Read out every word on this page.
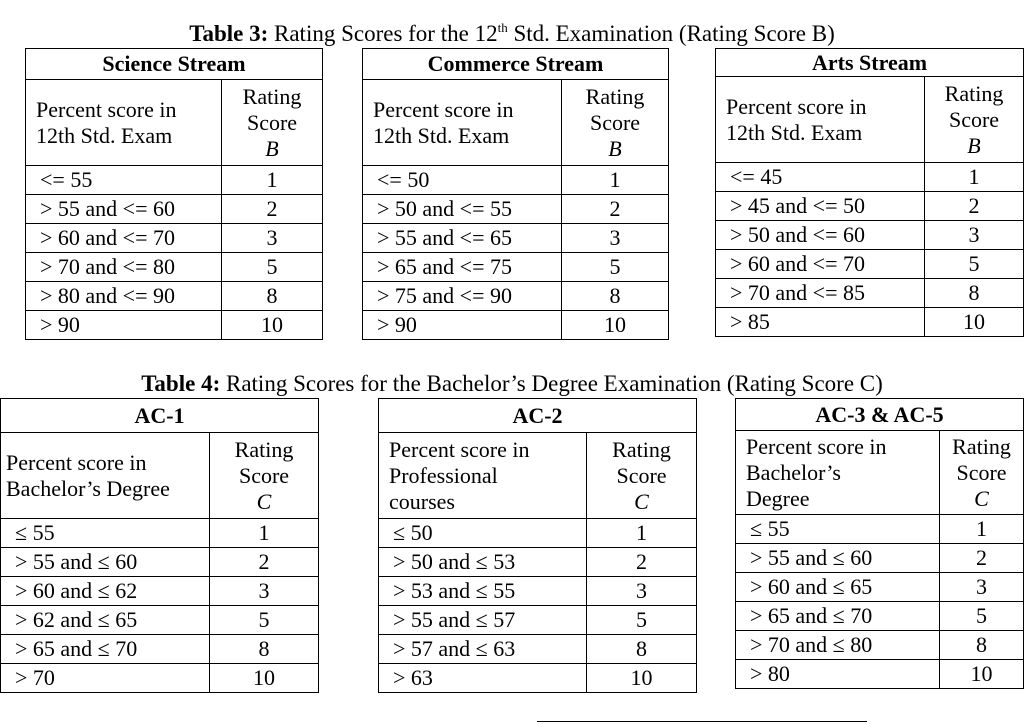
Table 3: Rating Scores for the 12th Std. Examination (Rating Score B)
Science Stream	
Percent score in
12th Std. Exam	Rating
Score
B
<= 55	1
> 55 and <= 60	2
> 60 and <= 70	3
> 70 and <= 80	5
> 80 and <= 90	8
> 90	10
Commerce Stream	
Percent score in
12th Std. Exam	Rating
Score
B
<= 50	1
> 50 and <= 55	2
> 55 and <= 65	3
> 65 and <= 75	5
> 75 and <= 90	8
> 90	10
Arts Stream	
Percent score in
12th Std. Exam	Rating
Score
B
<= 45	1
> 45 and <= 50	2
> 50 and <= 60	3
> 60 and <= 70	5
> 70 and <= 85	8
> 85	10
Table 4: Rating Scores for the Bachelor’s Degree Examination (Rating Score C)
AC-1	
Percent score in
Bachelor’s Degree	Rating
Score
C
≤ 55	1
> 55 and ≤ 60	2
> 60 and ≤ 62	3
> 62 and ≤ 65	5
> 65 and ≤ 70	8
> 70	10
AC-2	
Percent score in
Professional
courses	Rating
Score
C
≤ 50	1
> 50 and ≤ 53	2
> 53 and ≤ 55	3
> 55 and ≤ 57	5
> 57 and ≤ 63	8
> 63	10
AC-3 & AC-5	
Percent score in
Bachelor’s
Degree	Rating
Score
C
≤ 55	1
> 55 and ≤ 60	2
> 60 and ≤ 65	3
> 65 and ≤ 70	5
> 70 and ≤ 80	8
> 80	10
